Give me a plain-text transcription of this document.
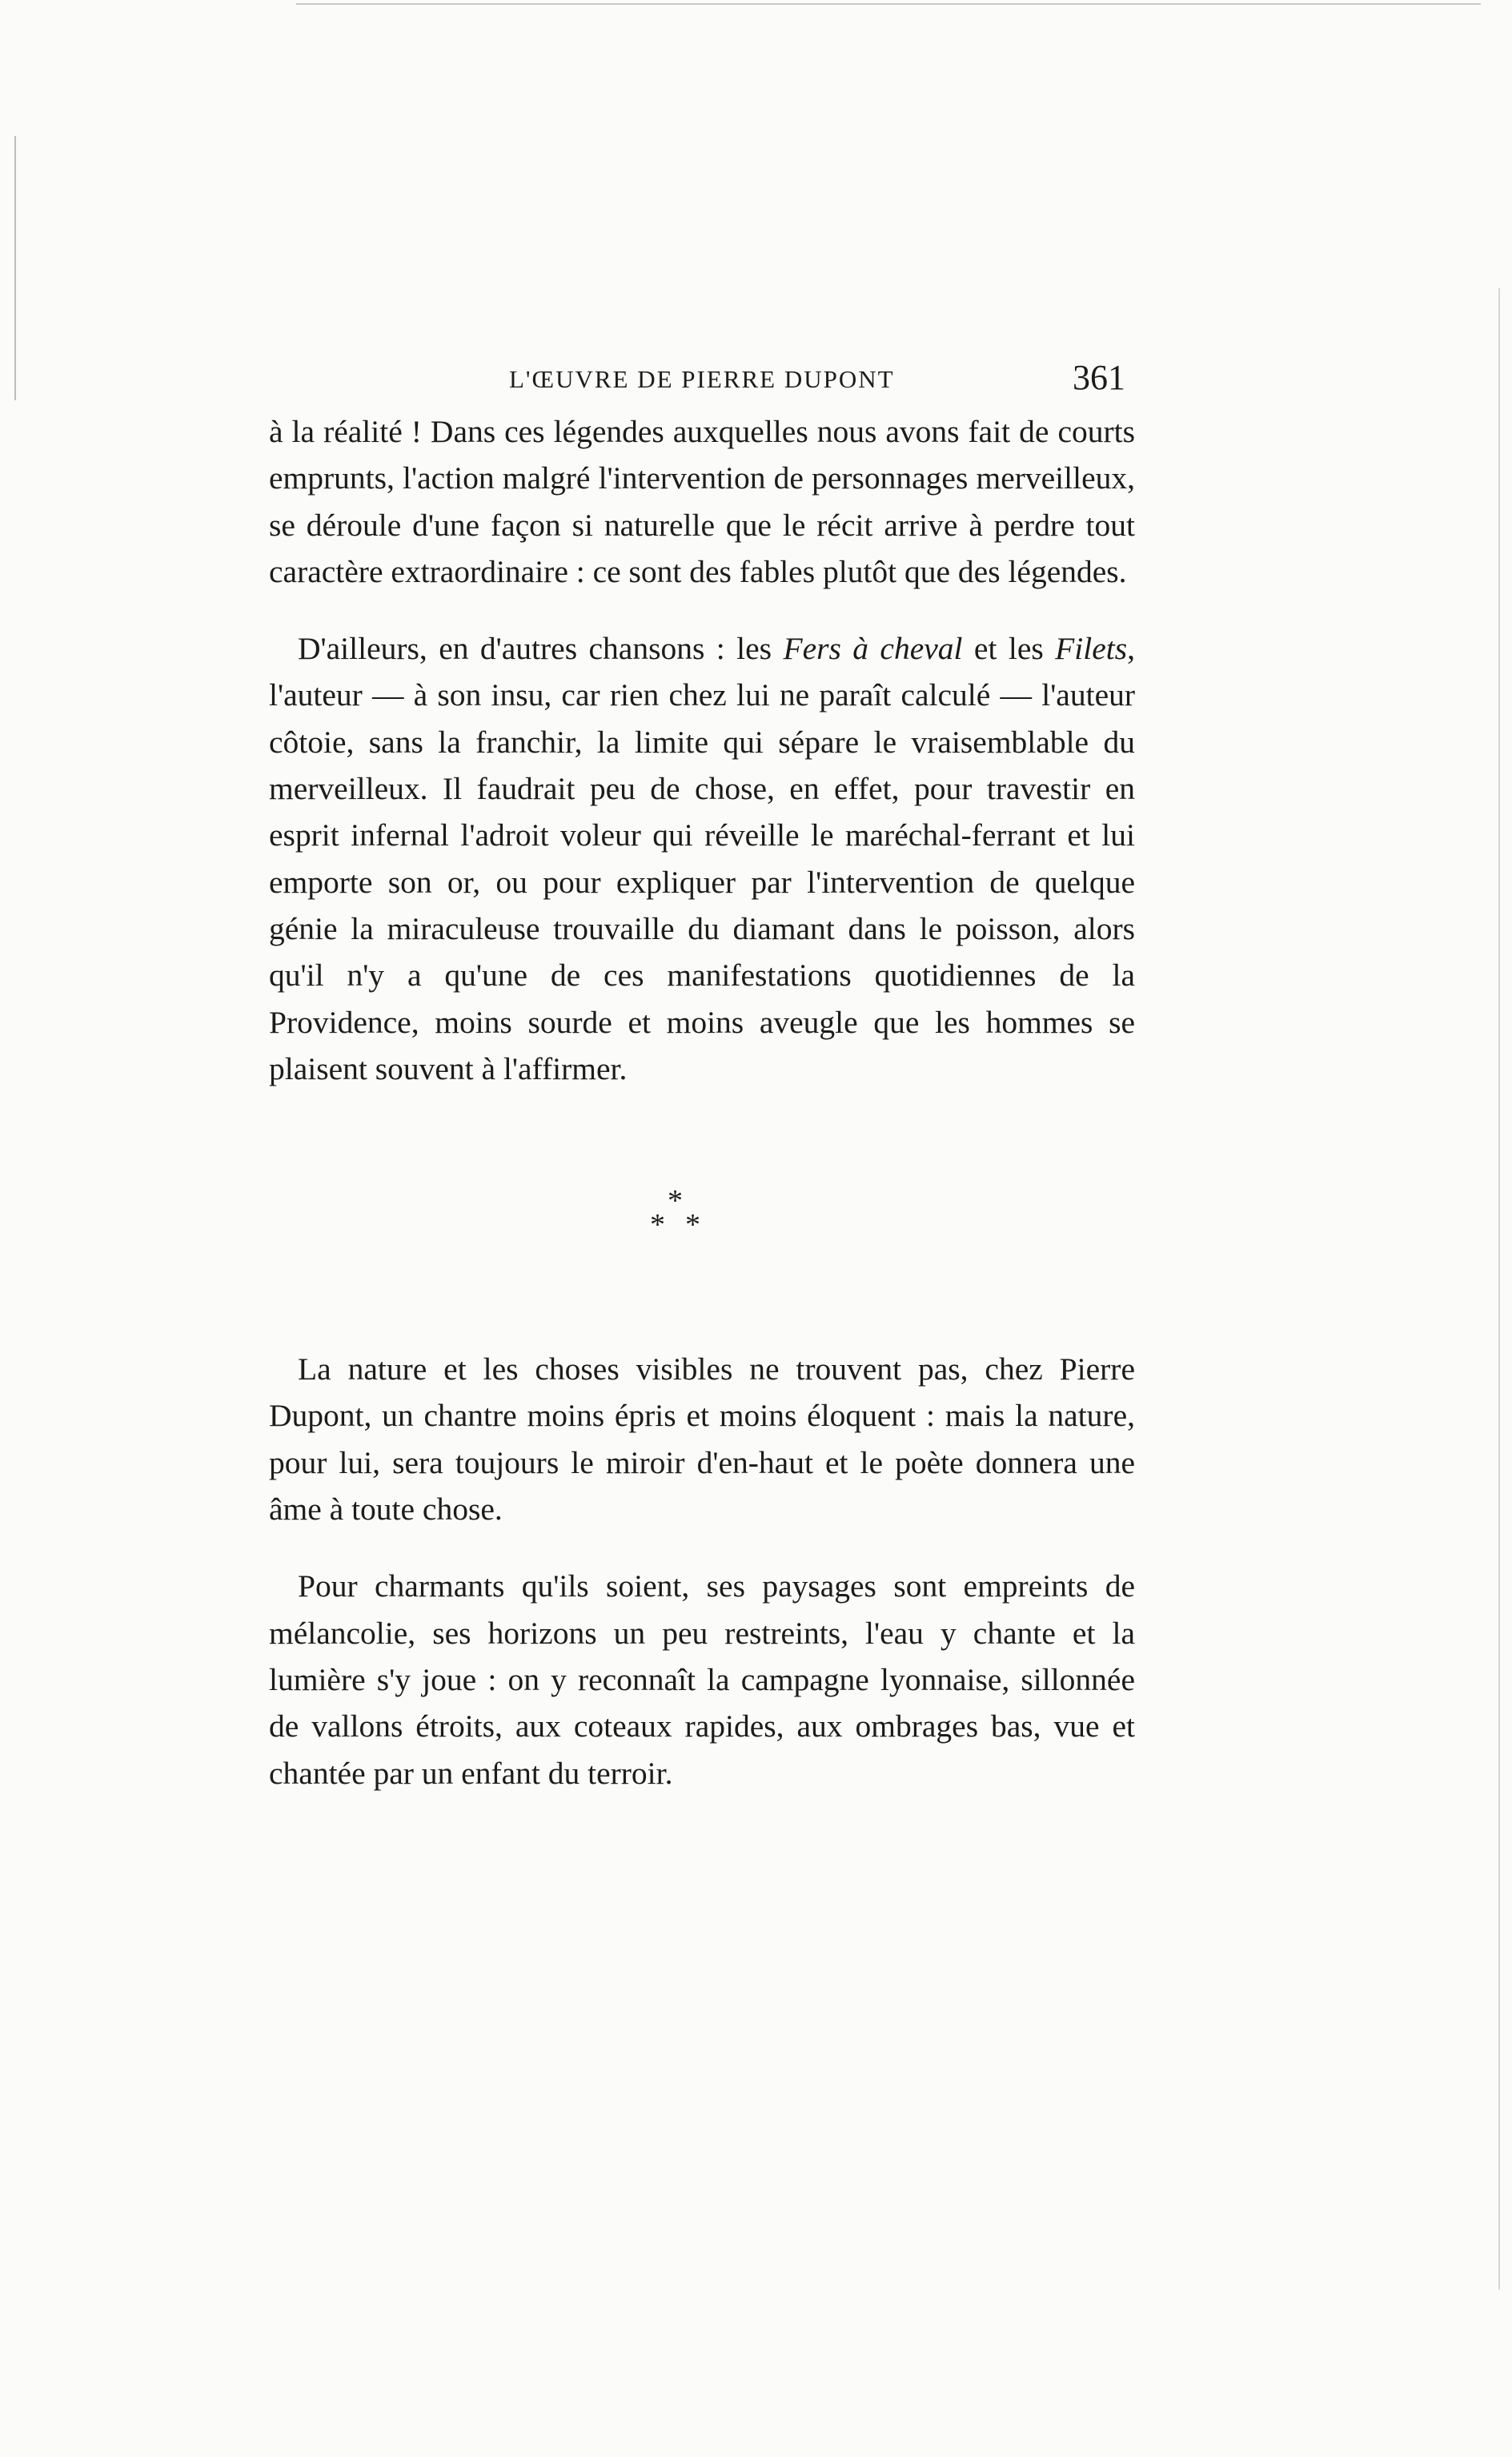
L'ŒUVRE DE PIERRE DUPONT	361

à la réalité ! Dans ces légendes auxquelles nous avons fait de courts emprunts, l'action malgré l'intervention de personnages merveilleux, se déroule d'une façon si naturelle que le récit arrive à perdre tout caractère extraordinaire : ce sont des fables plutôt que des légendes.

D'ailleurs, en d'autres chansons : les Fers à cheval et les Filets, l'auteur — à son insu, car rien chez lui ne paraît calculé — l'auteur côtoie, sans la franchir, la limite qui sépare le vraisemblable du merveilleux. Il faudrait peu de chose, en effet, pour travestir en esprit infernal l'adroit voleur qui réveille le maréchal-ferrant et lui emporte son or, ou pour expliquer par l'intervention de quelque génie la miraculeuse trouvaille du diamant dans le poisson, alors qu'il n'y a qu'une de ces manifestations quotidiennes de la Providence, moins sourde et moins aveugle que les hommes se plaisent souvent à l'affirmer.

*
* *

La nature et les choses visibles ne trouvent pas, chez Pierre Dupont, un chantre moins épris et moins éloquent : mais la nature, pour lui, sera toujours le miroir d'en-haut et le poète donnera une âme à toute chose.

Pour charmants qu'ils soient, ses paysages sont empreints de mélancolie, ses horizons un peu restreints, l'eau y chante et la lumière s'y joue : on y reconnaît la campagne lyonnaise, sillonnée de vallons étroits, aux coteaux rapides, aux ombrages bas, vue et chantée par un enfant du terroir.
